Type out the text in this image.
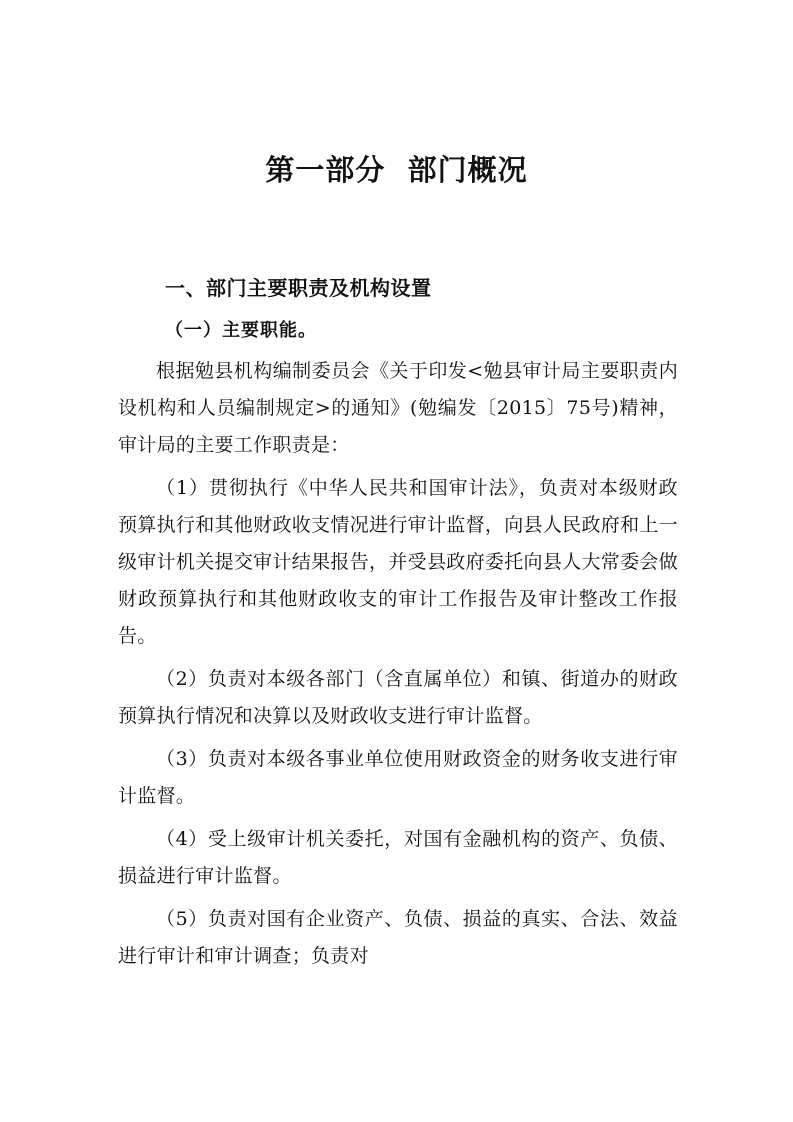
第一部分  部门概况
一、部门主要职责及机构设置
（一）主要职能。

根据勉县机构编制委员会《关于印发<勉县审计局主要职责内设机构和人员编制规定>的通知》(勉编发〔2015〕75号)精神，审计局的主要工作职责是：

（1）贯彻执行《中华人民共和国审计法》，负责对本级财政预算执行和其他财政收支情况进行审计监督，向县人民政府和上一级审计机关提交审计结果报告，并受县政府委托向县人大常委会做财政预算执行和其他财政收支的审计工作报告及审计整改工作报告。

（2）负责对本级各部门（含直属单位）和镇、街道办的财政预算执行情况和决算以及财政收支进行审计监督。

（3）负责对本级各事业单位使用财政资金的财务收支进行审计监督。

（4）受上级审计机关委托，对国有金融机构的资产、负债、损益进行审计监督。

（5）负责对国有企业资产、负债、损益的真实、合法、效益进行审计和审计调查；负责对
